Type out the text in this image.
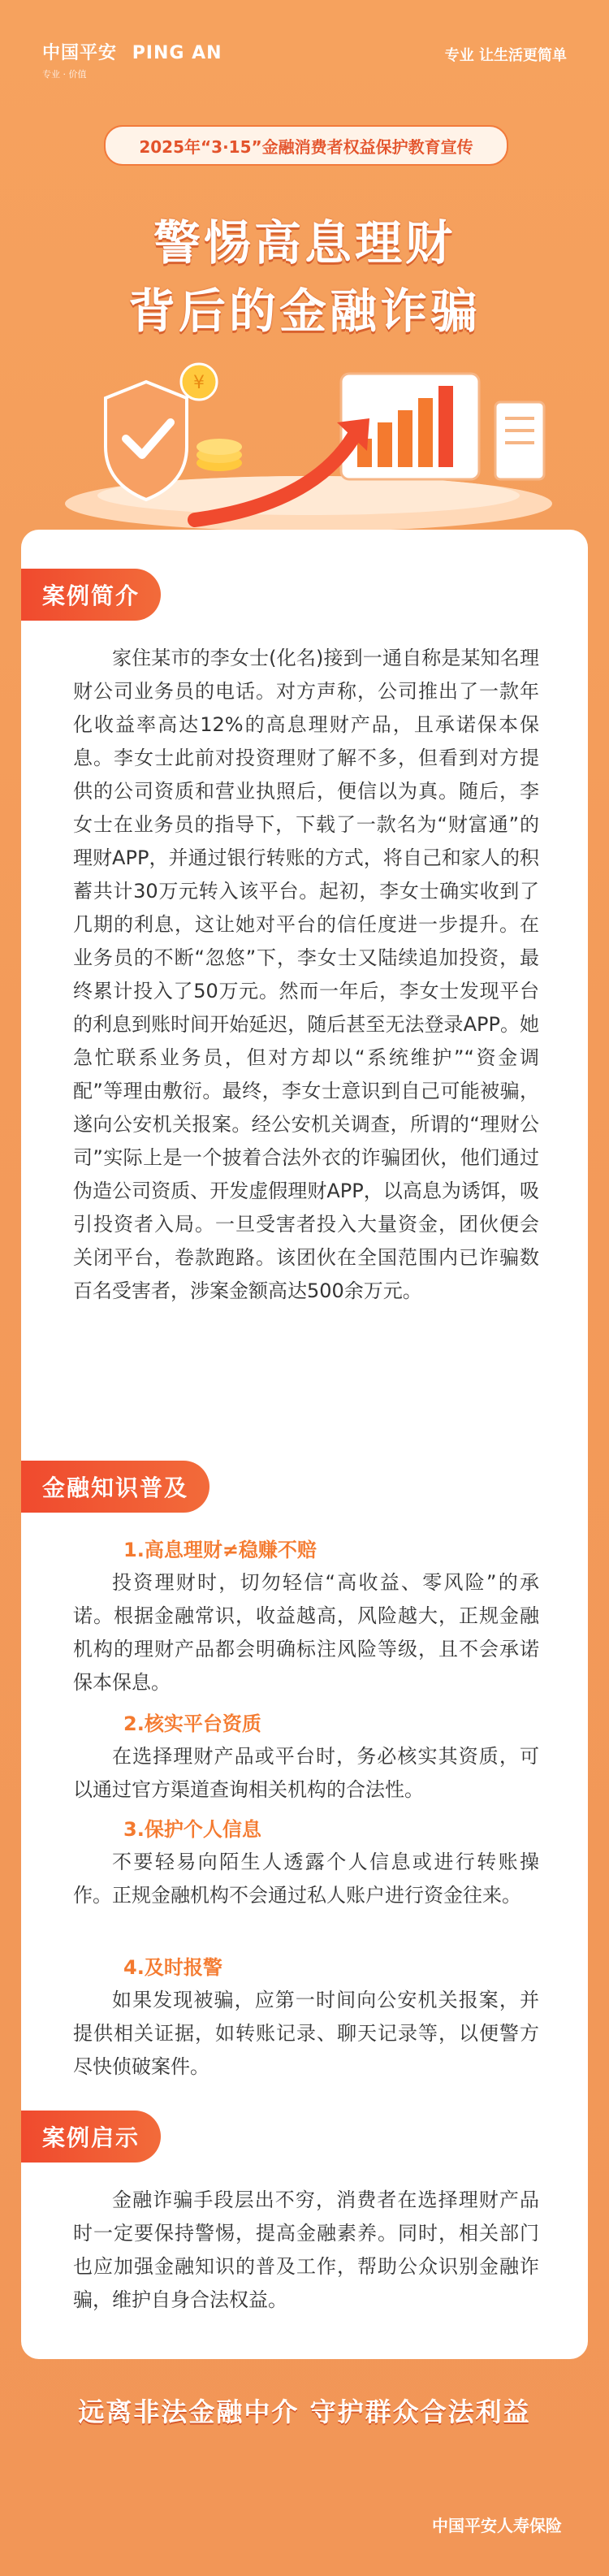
中国平安 PING AN
专业 · 价值
专业 让生活更简单
2025年“3·15”金融消费者权益保护教育宣传
警惕高息理财
背后的金融诈骗
¥
案例简介

家住某市的李女士(化名)接到一通自称是某知名理财公司业务员的电话。对方声称，公司推出了一款年化收益率高达12%的高息理财产品，且承诺保本保息。李女士此前对投资理财了解不多，但看到对方提供的公司资质和营业执照后，便信以为真。随后，李女士在业务员的指导下，下载了一款名为“财富通”的理财APP，并通过银行转账的方式，将自己和家人的积蓄共计30万元转入该平台。起初，李女士确实收到了几期的利息，这让她对平台的信任度进一步提升。在业务员的不断“忽悠”下，李女士又陆续追加投资，最终累计投入了50万元。然而一年后，李女士发现平台的利息到账时间开始延迟，随后甚至无法登录APP。她急忙联系业务员，但对方却以“系统维护”“资金调配”等理由敷衍。最终，李女士意识到自己可能被骗，遂向公安机关报案。经公安机关调查，所谓的“理财公司”实际上是一个披着合法外衣的诈骗团伙，他们通过伪造公司资质、开发虚假理财APP，以高息为诱饵，吸引投资者入局。一旦受害者投入大量资金，团伙便会关闭平台，卷款跑路。该团伙在全国范围内已诈骗数百名受害者，涉案金额高达500余万元。

金融知识普及
1.高息理财≠稳赚不赔

投资理财时，切勿轻信“高收益、零风险”的承诺。根据金融常识，收益越高，风险越大，正规金融机构的理财产品都会明确标注风险等级，且不会承诺保本保息。

2.核实平台资质

在选择理财产品或平台时，务必核实其资质，可以通过官方渠道查询相关机构的合法性。

3.保护个人信息

不要轻易向陌生人透露个人信息或进行转账操作。正规金融机构不会通过私人账户进行资金往来。

4.及时报警

如果发现被骗，应第一时间向公安机关报案，并提供相关证据，如转账记录、聊天记录等，以便警方尽快侦破案件。

案例启示

金融诈骗手段层出不穷，消费者在选择理财产品时一定要保持警惕，提高金融素养。同时，相关部门也应加强金融知识的普及工作，帮助公众识别金融诈骗，维护自身合法权益。

远离非法金融中介 守护群众合法利益
中国平安人寿保险
